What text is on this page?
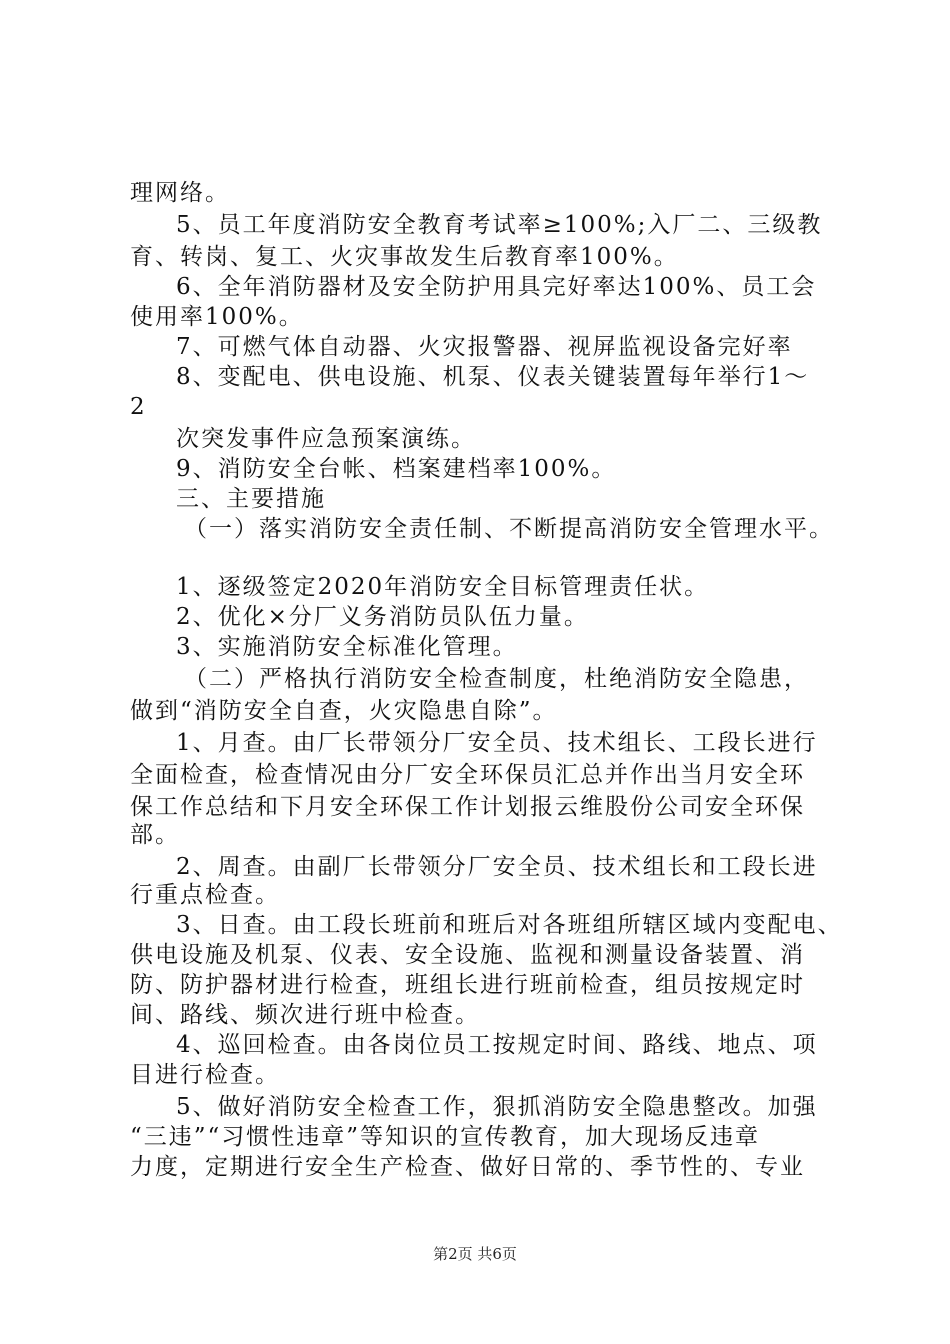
理网络。
5、员工年度消防安全教育考试率≥100%;入厂二、三级教
育、转岗、复工、火灾事故发生后教育率100%。
6、全年消防器材及安全防护用具完好率达100%、员工会
使用率100%。
7、可燃气体自动器、火灾报警器、视屏监视设备完好率
8、变配电、供电设施、机泵、仪表关键装置每年举行1～
2
次突发事件应急预案演练。
9、消防安全台帐、档案建档率100%。
三、主要措施
（一）落实消防安全责任制、不断提高消防安全管理水平。
1、逐级签定2020年消防安全目标管理责任状。
2、优化×分厂义务消防员队伍力量。
3、实施消防安全标准化管理。
（二）严格执行消防安全检查制度，杜绝消防安全隐患，
做到“消防安全自查，火灾隐患自除”。
1、月查。由厂长带领分厂安全员、技术组长、工段长进行
全面检查，检查情况由分厂安全环保员汇总并作出当月安全环
保工作总结和下月安全环保工作计划报云维股份公司安全环保
部。
2、周查。由副厂长带领分厂安全员、技术组长和工段长进
行重点检查。
3、日查。由工段长班前和班后对各班组所辖区域内变配电、
供电设施及机泵、仪表、安全设施、监视和测量设备装置、消
防、防护器材进行检查，班组长进行班前检查，组员按规定时
间、路线、频次进行班中检查。
4、巡回检查。由各岗位员工按规定时间、路线、地点、项
目进行检查。
5、做好消防安全检查工作，狠抓消防安全隐患整改。加强
“三违”“习惯性违章”等知识的宣传教育，加大现场反违章
力度，定期进行安全生产检查、做好日常的、季节性的、专业
第2页 共6页
